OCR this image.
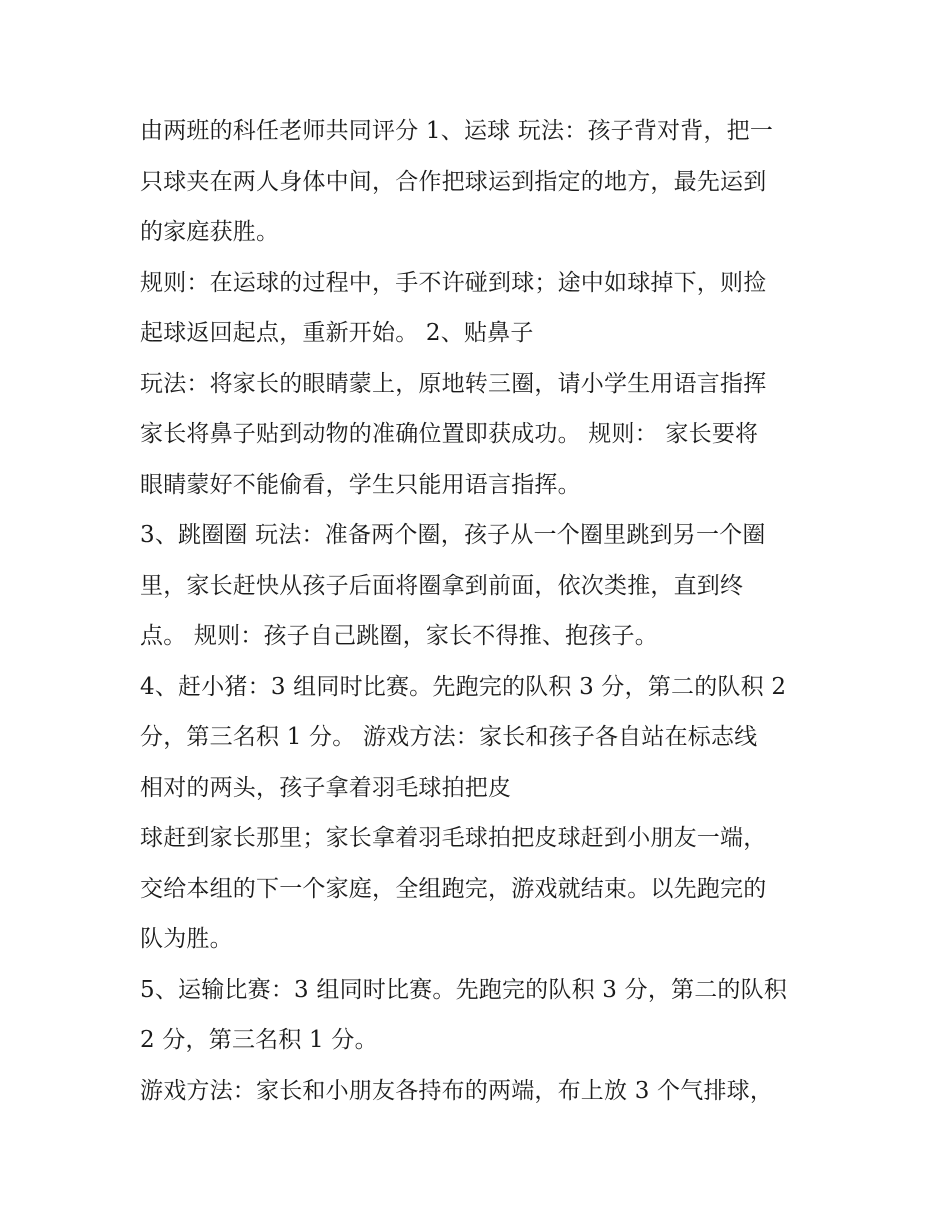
由两班的科任老师共同评分 1、运球 玩法：孩子背对背，把一
只球夹在两人身体中间，合作把球运到指定的地方，最先运到
的家庭获胜。
规则：在运球的过程中，手不许碰到球；途中如球掉下，则捡
起球返回起点，重新开始。 2、贴鼻子
玩法：将家长的眼睛蒙上，原地转三圈，请小学生用语言指挥
家长将鼻子贴到动物的准确位置即获成功。 规则： 家长要将
眼睛蒙好不能偷看，学生只能用语言指挥。
3、跳圈圈 玩法：准备两个圈，孩子从一个圈里跳到另一个圈
里，家长赶快从孩子后面将圈拿到前面，依次类推，直到终
点。 规则：孩子自己跳圈，家长不得推、抱孩子。
4、赶小猪：3 组同时比赛。先跑完的队积 3 分，第二的队积 2
分，第三名积 1 分。 游戏方法：家长和孩子各自站在标志线
相对的两头，孩子拿着羽毛球拍把皮
球赶到家长那里；家长拿着羽毛球拍把皮球赶到小朋友一端，
交给本组的下一个家庭，全组跑完，游戏就结束。以先跑完的
队为胜。
5、运输比赛：3 组同时比赛。先跑完的队积 3 分，第二的队积
2 分，第三名积 1 分。
游戏方法：家长和小朋友各持布的两端，布上放 3 个气排球，
